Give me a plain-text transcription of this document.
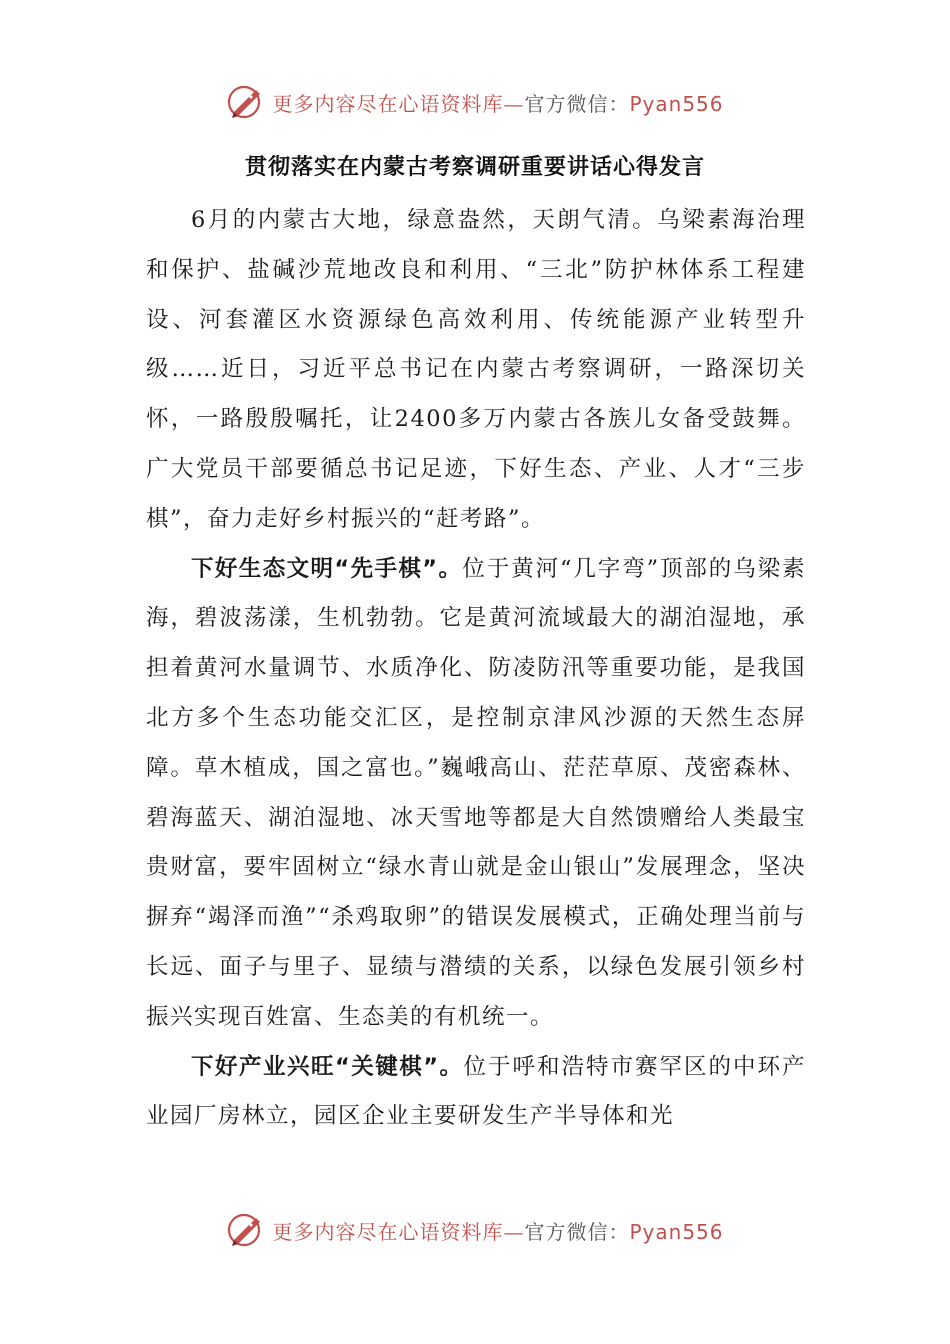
更多内容尽在心语资料库—官方微信：Pyan556
贯彻落实在内蒙古考察调研重要讲话心得发言

6月的内蒙古大地，绿意盎然，天朗气清。乌梁素海治理和保护、盐碱沙荒地改良和利用、“三北”防护林体系工程建设、河套灌区水资源绿色高效利用、传统能源产业转型升级……近日，习近平总书记在内蒙古考察调研，一路深切关怀，一路殷殷嘱托，让2400多万内蒙古各族儿女备受鼓舞。广大党员干部要循总书记足迹，下好生态、产业、人才“三步棋”，奋力走好乡村振兴的“赶考路”。

下好生态文明“先手棋”。位于黄河“几字弯”顶部的乌梁素海，碧波荡漾，生机勃勃。它是黄河流域最大的湖泊湿地，承担着黄河水量调节、水质净化、防凌防汛等重要功能，是我国北方多个生态功能交汇区，是控制京津风沙源的天然生态屏障。草木植成，国之富也。”巍峨高山、茫茫草原、茂密森林、碧海蓝天、湖泊湿地、冰天雪地等都是大自然馈赠给人类最宝贵财富，要牢固树立“绿水青山就是金山银山”发展理念，坚决摒弃“竭泽而渔”“杀鸡取卵”的错误发展模式，正确处理当前与长远、面子与里子、显绩与潜绩的关系，以绿色发展引领乡村振兴实现百姓富、生态美的有机统一。

下好产业兴旺“关键棋”。位于呼和浩特市赛罕区的中环产业园厂房林立，园区企业主要研发生产半导体和光

更多内容尽在心语资料库—官方微信：Pyan556
